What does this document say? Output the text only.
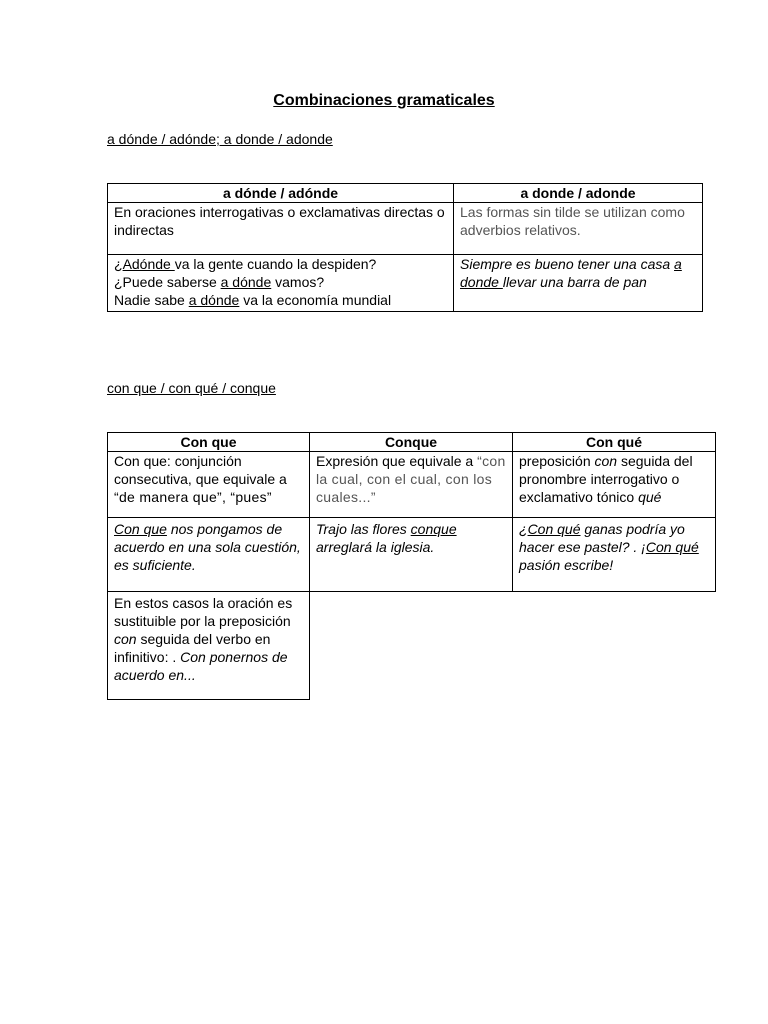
Combinaciones gramaticales
a dónde / adónde; a donde / adonde
a dónde / adónde	a donde / adonde
En oraciones interrogativas o exclamativas directas o indirectas	Las formas sin tilde se utilizan como adverbios relativos.

¿Adónde va la gente cuando la despiden?
¿Puede saberse a dónde vamos?
Nadie sabe a dónde va la economía mundial	Siempre es bueno tener una casa a donde llevar una barra de pan
con que / con qué / conque
Con que	Conque	Con qué
Con que: conjunción consecutiva, que equivale a “de manera que”, “pues”	Expresión que equivale a “con la cual, con el cual, con los cuales...”	preposición con seguida del pronombre interrogativo o exclamativo tónico qué
Con que nos pongamos de acuerdo en una sola cuestión, es suficiente.	Trajo las flores conque arreglará la iglesia.	¿Con qué ganas podría yo hacer ese pastel? . ¡Con qué pasión escribe!
En estos casos la oración es sustituible por la preposición con seguida del verbo en infinitivo: . Con ponernos de acuerdo en...		
